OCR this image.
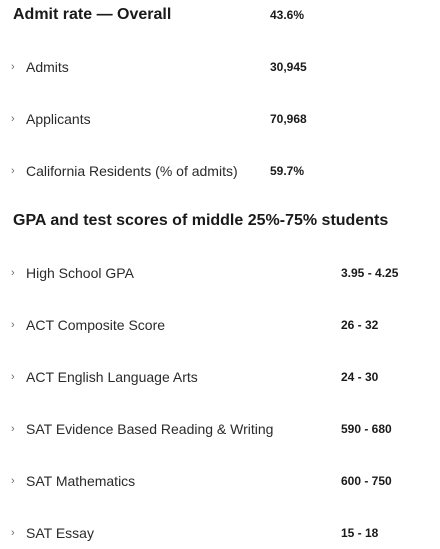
Admit rate — Overall	43.6%
› Admits	30,945
› Applicants	70,968
› California Residents (% of admits)	59.7%
GPA and test scores of middle 25%-75% students
› High School GPA	3.95 - 4.25
› ACT Composite Score	26 - 32
› ACT English Language Arts	24 - 30
› SAT Evidence Based Reading & Writing	590 - 680
› SAT Mathematics	600 - 750
› SAT Essay	15 - 18
